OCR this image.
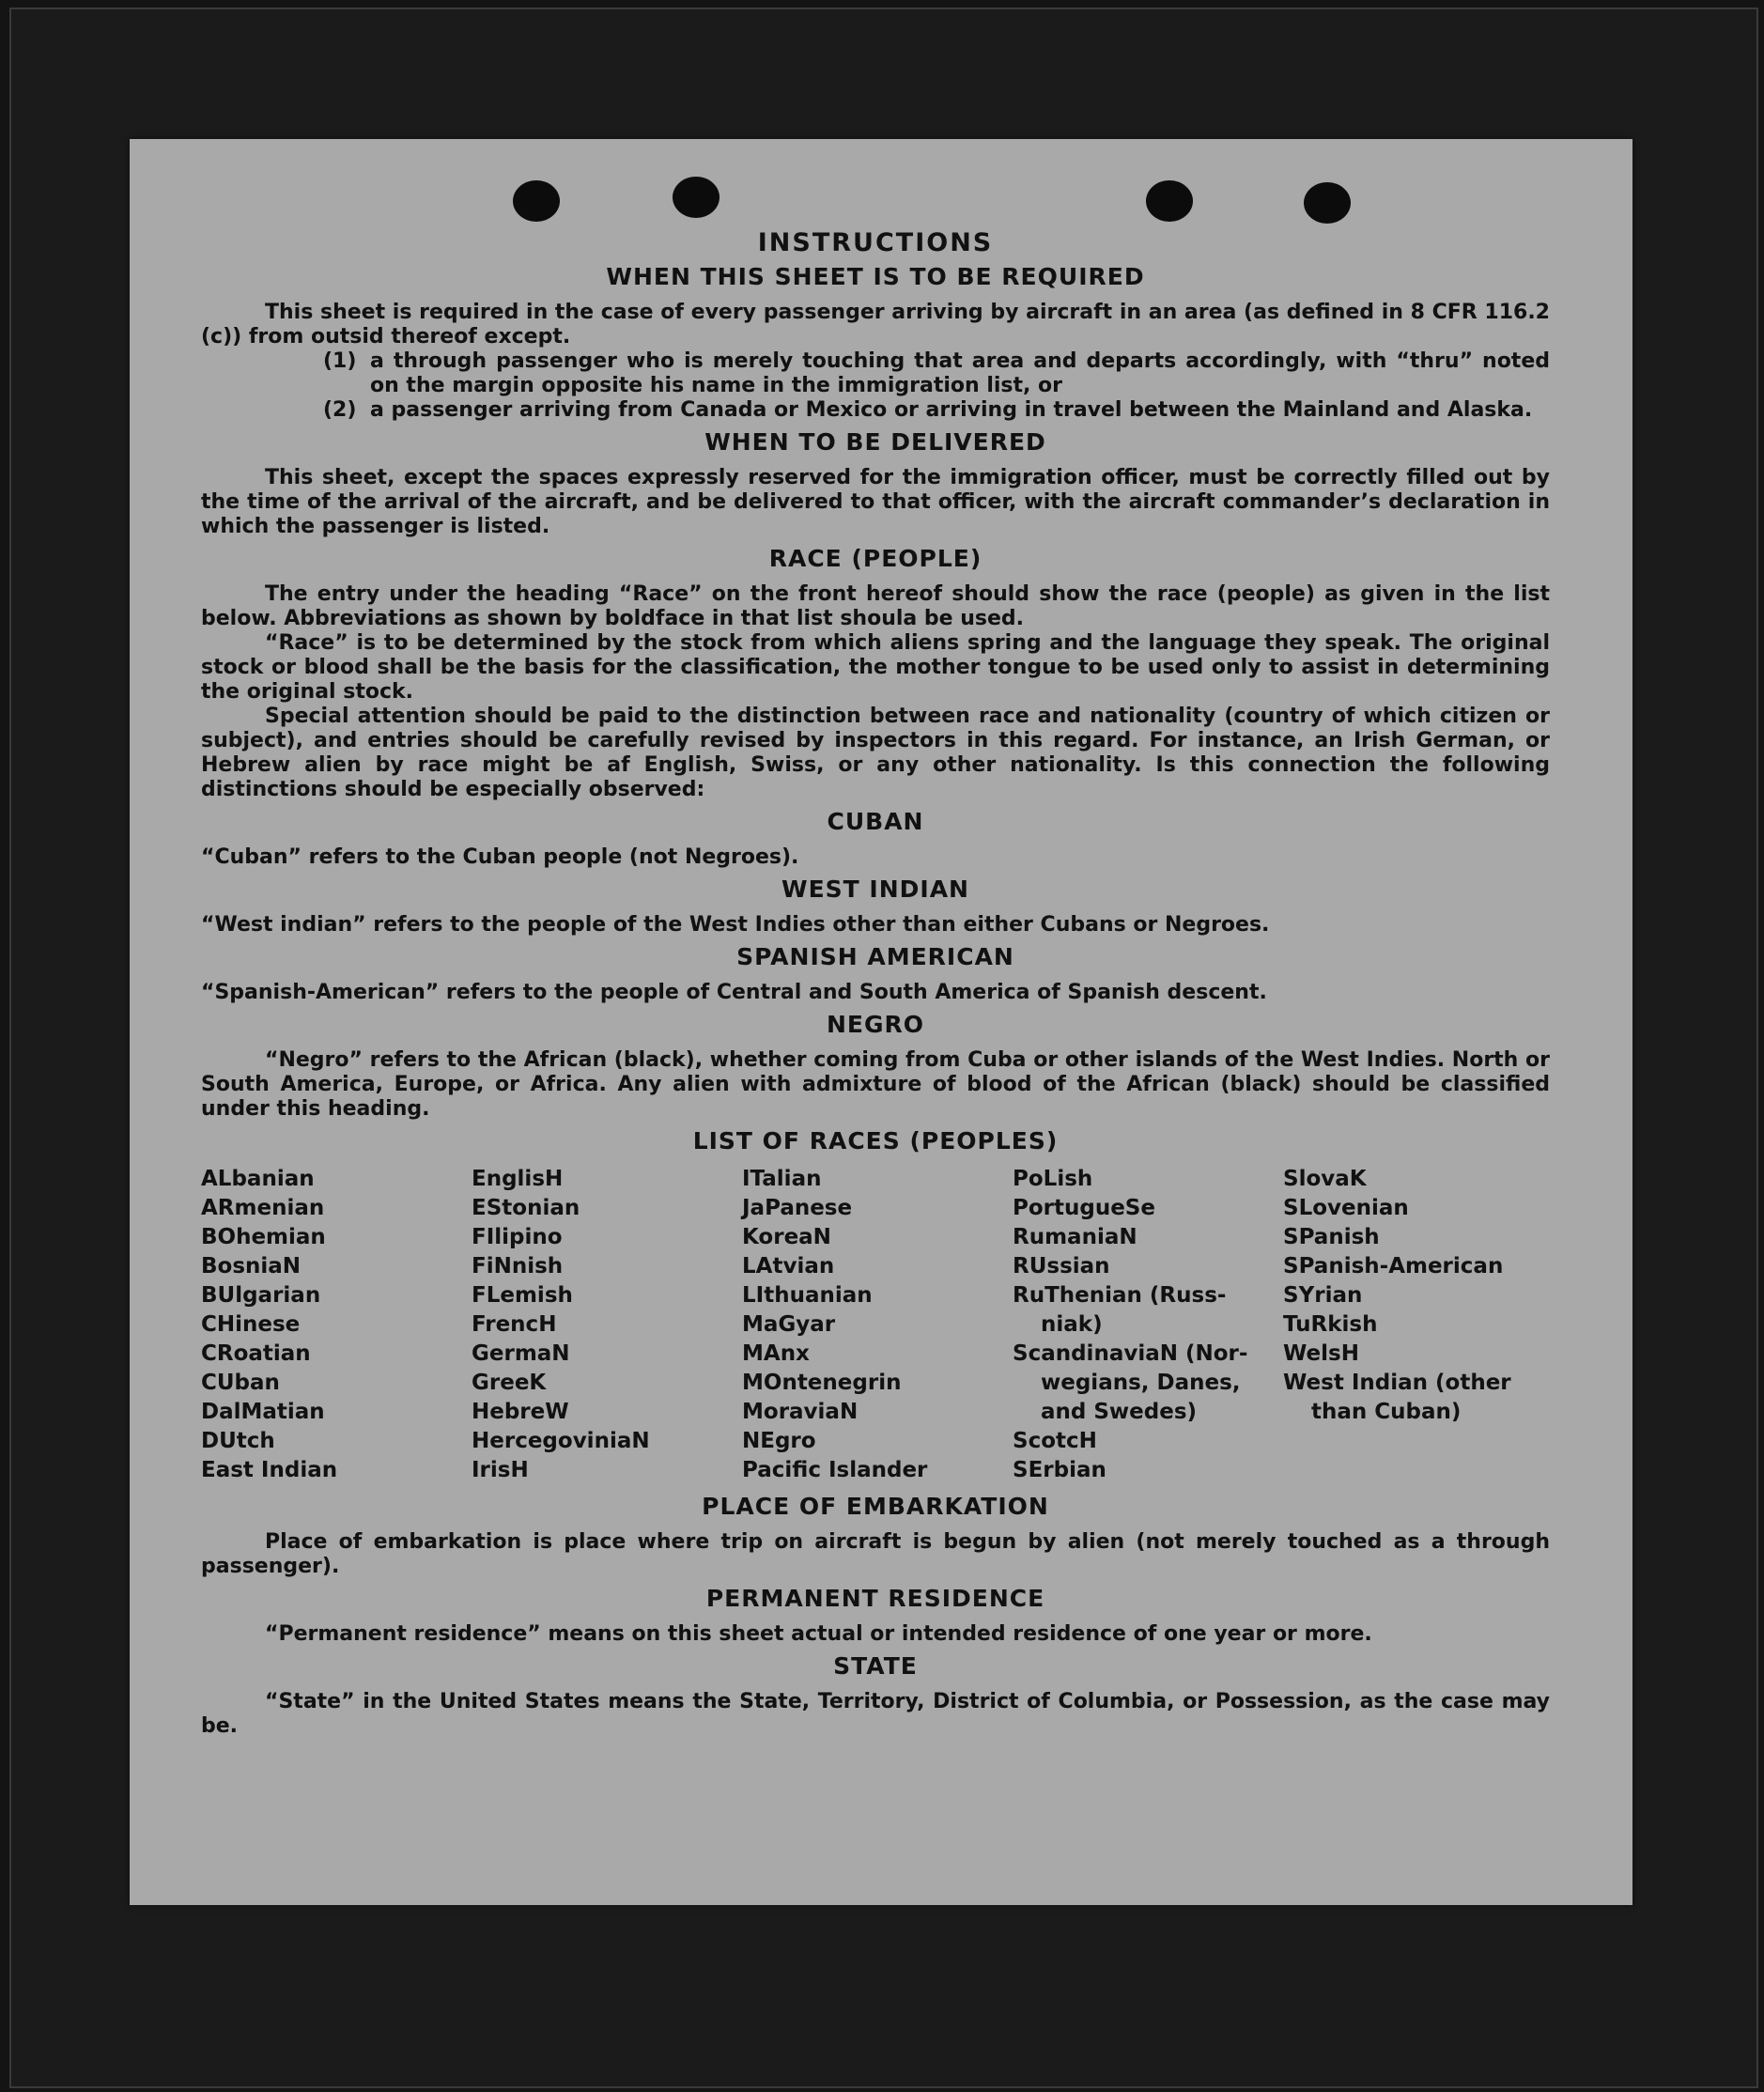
INSTRUCTIONS
WHEN THIS SHEET IS TO BE REQUIRED

This sheet is required in the case of every passenger arriving by aircraft in an area (as defined in 8 CFR 116.2 (c)) from outsid thereof except.

(1) a through passenger who is merely touching that area and departs accordingly, with “thru” noted on the margin opposite his name in the immigration list, or
(2) a passenger arriving from Canada or Mexico or arriving in travel between the Mainland and Alaska.
WHEN TO BE DELIVERED

This sheet, except the spaces expressly reserved for the immigration officer, must be correctly filled out by the time of the arrival of the aircraft, and be delivered to that officer, with the aircraft commander’s declaration in which the passenger is listed.

RACE (PEOPLE)

The entry under the heading “Race” on the front hereof should show the race (people) as given in the list below. Abbreviations as shown by boldface in that list shoula be used.

“Race” is to be determined by the stock from which aliens spring and the language they speak. The original stock or blood shall be the basis for the classification, the mother tongue to be used only to assist in determining the original stock.

Special attention should be paid to the distinction between race and nationality (country of which citizen or subject), and entries should be carefully revised by inspectors in this regard. For instance, an Irish German, or Hebrew alien by race might be af English, Swiss, or any other nationality. Is this connection the following distinctions should be especially observed:

CUBAN

“Cuban” refers to the Cuban people (not Negroes).

WEST INDIAN

“West indian” refers to the people of the West Indies other than either Cubans or Negroes.

SPANISH AMERICAN

“Spanish-American” refers to the people of Central and South America of Spanish descent.

NEGRO

“Negro” refers to the African (black), whether coming from Cuba or other islands of the West Indies. North or South America, Europe, or Africa. Any alien with admixture of blood of the African (black) should be classified under this heading.

LIST OF RACES (PEOPLES)
ALbanian
ARmenian
BOhemian
BosniaN
BUlgarian
CHinese
CRoatian
CUban
DalMatian
DUtch
East Indian
EnglisH
EStonian
FIlipino
FiNnish
FLemish
FrencH
GermaN
GreeK
HebreW
HercegoviniaN
IrisH
ITalian
JaPanese
KoreaN
LAtvian
LIthuanian
MaGyar
MAnx
MOntenegrin
MoraviaN
NEgro
Pacific Islander
PoLish
PortugueSe
RumaniaN
RUssian
RuThenian (Russ-
niak)
ScandinaviaN (Nor-
wegians, Danes,
and Swedes)
ScotcH
SErbian
SlovaK
SLovenian
SPanish
SPanish-American
SYrian
TuRkish
WelsH
West Indian (other
than Cuban)
PLACE OF EMBARKATION

Place of embarkation is place where trip on aircraft is begun by alien (not merely touched as a through passenger).

PERMANENT RESIDENCE

“Permanent residence” means on this sheet actual or intended residence of one year or more.

STATE

“State” in the United States means the State, Territory, District of Columbia, or Possession, as the case may be.
